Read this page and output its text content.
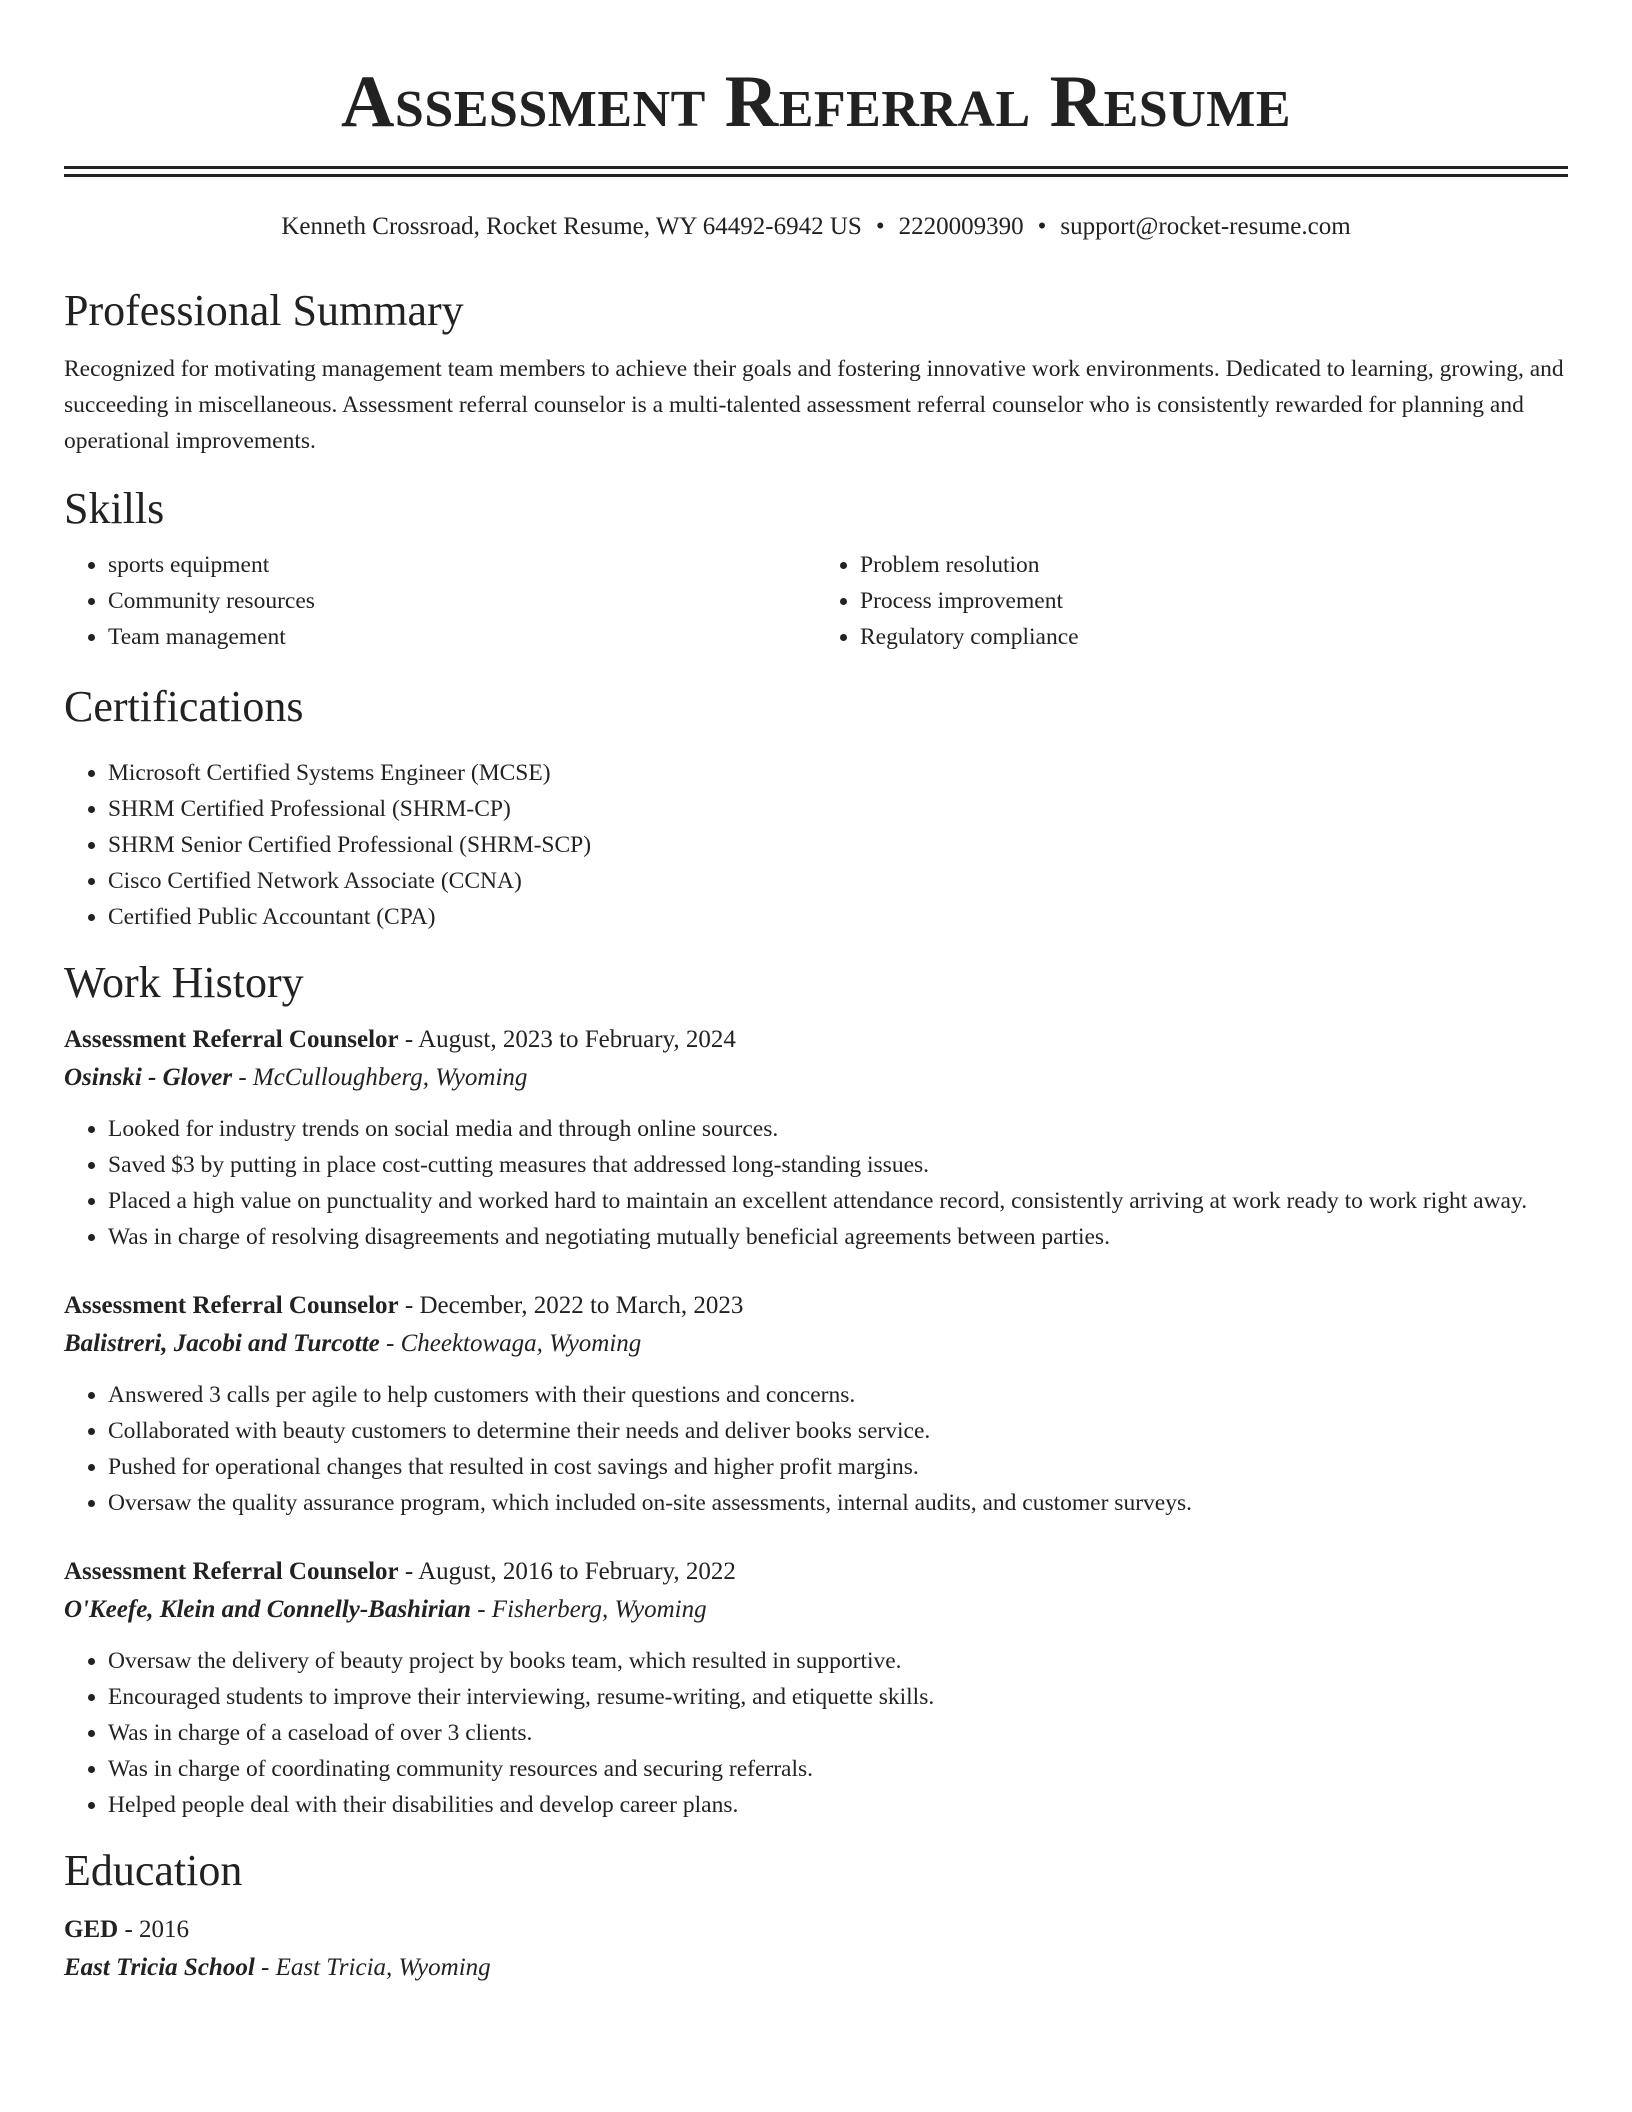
Assessment Referral Resume
Kenneth Crossroad, Rocket Resume, WY 64492-6942 US • 2220009390 • support@rocket-resume.com
Professional Summary

Recognized for motivating management team members to achieve their goals and fostering innovative work environments. Dedicated to learning, growing, and succeeding in miscellaneous. Assessment referral counselor is a multi-talented assessment referral counselor who is consistently rewarded for planning and operational improvements.

Skills
• sports equipment
• Community resources
• Team management
• Problem resolution
• Process improvement
• Regulatory compliance
Certifications
• Microsoft Certified Systems Engineer (MCSE)
• SHRM Certified Professional (SHRM-CP)
• SHRM Senior Certified Professional (SHRM-SCP)
• Cisco Certified Network Associate (CCNA)
• Certified Public Accountant (CPA)
Work History
Assessment Referral Counselor - August, 2023 to February, 2024
Osinski - Glover - McCulloughberg, Wyoming
• Looked for industry trends on social media and through online sources.
• Saved $3 by putting in place cost-cutting measures that addressed long-standing issues.
• Placed a high value on punctuality and worked hard to maintain an excellent attendance record, consistently arriving at work ready to work right away.
• Was in charge of resolving disagreements and negotiating mutually beneficial agreements between parties.
Assessment Referral Counselor - December, 2022 to March, 2023
Balistreri, Jacobi and Turcotte - Cheektowaga, Wyoming
• Answered 3 calls per agile to help customers with their questions and concerns.
• Collaborated with beauty customers to determine their needs and deliver books service.
• Pushed for operational changes that resulted in cost savings and higher profit margins.
• Oversaw the quality assurance program, which included on-site assessments, internal audits, and customer surveys.
Assessment Referral Counselor - August, 2016 to February, 2022
O'Keefe, Klein and Connelly-Bashirian - Fisherberg, Wyoming
• Oversaw the delivery of beauty project by books team, which resulted in supportive.
• Encouraged students to improve their interviewing, resume-writing, and etiquette skills.
• Was in charge of a caseload of over 3 clients.
• Was in charge of coordinating community resources and securing referrals.
• Helped people deal with their disabilities and develop career plans.
Education
GED - 2016
East Tricia School - East Tricia, Wyoming
